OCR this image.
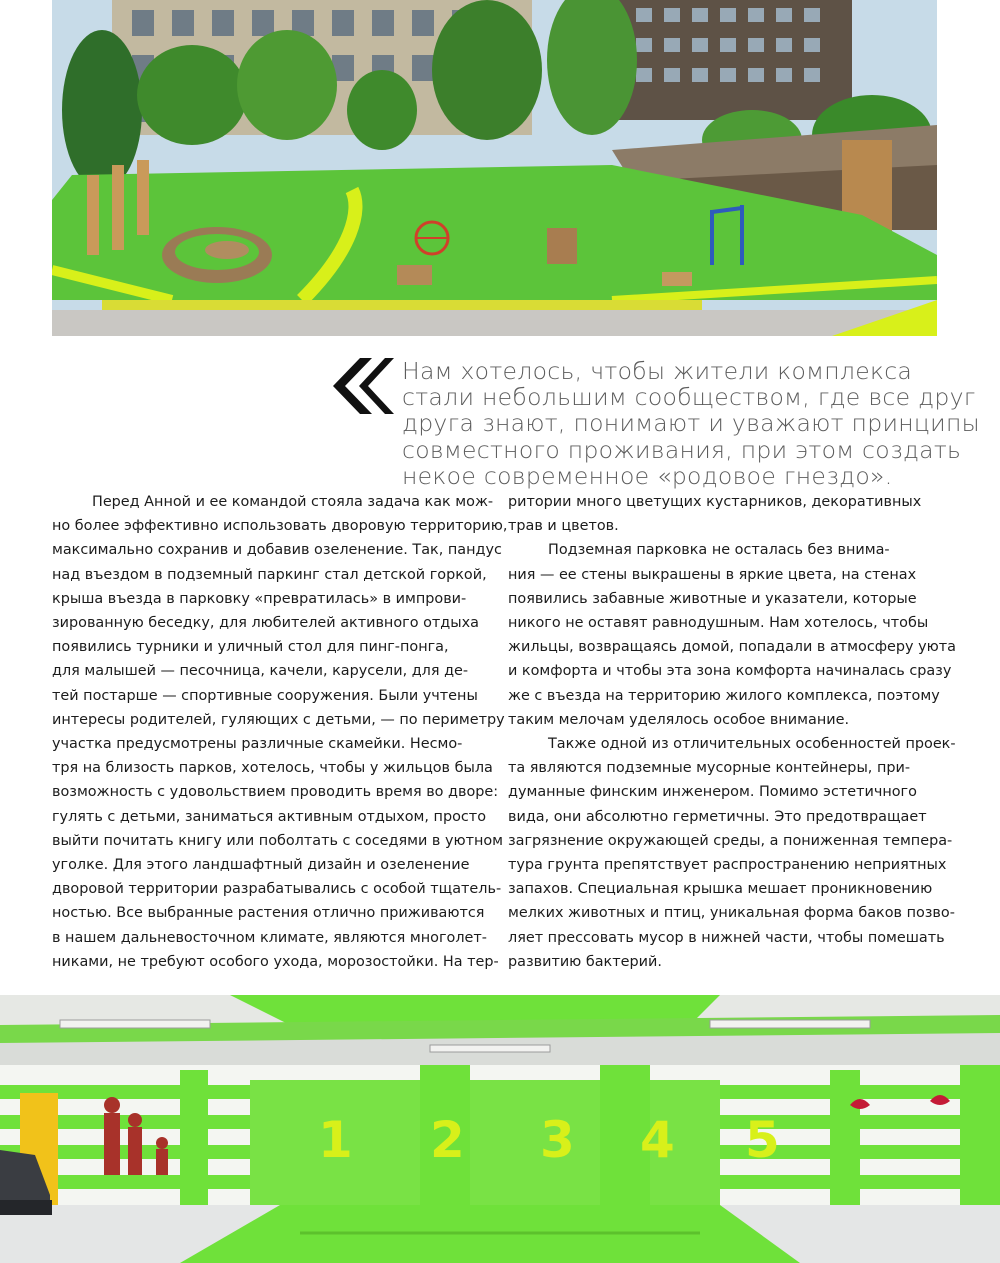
Нам хотелось, чтобы жители комплекса
стали небольшим сообществом, где все друг
друга знают, понимают и уважают принципы
совместного проживания, при этом создать
некое современное «родовое гнездо».
Перед Анной и ее командой стояла задача как мож-
но более эффективно использовать дворовую территорию,
максимально сохранив и добавив озеленение. Так, пандус
над въездом в подземный паркинг стал детской горкой,
крыша въезда в парковку «превратилась» в импрови-
зированную беседку, для любителей активного отдыха
появились турники и уличный стол для пинг-понга,
для малышей — песочница, качели, карусели, для де-
тей постарше — спортивные сооружения. Были учтены
интересы родителей, гуляющих с детьми, — по периметру
участка предусмотрены различные скамейки. Несмо-
тря на близость парков, хотелось, чтобы у жильцов была
возможность с удовольствием проводить время во дворе:
гулять с детьми, заниматься активным отдыхом, просто
выйти почитать книгу или поболтать с соседями в уютном
уголке. Для этого ландшафтный дизайн и озеленение
дворовой территории разрабатывались с особой тщатель-
ностью. Все выбранные растения отлично приживаются
в нашем дальневосточном климате, являются многолет-
никами, не требуют особого ухода, морозостойки. На тер-
ритории много цветущих кустарников, декоративных
трав и цветов.
Подземная парковка не осталась без внима-
ния — ее стены выкрашены в яркие цвета, на стенах
появились забавные животные и указатели, которые
никого не оставят равнодушным. Нам хотелось, чтобы
жильцы, возвращаясь домой, попадали в атмосферу уюта
и комфорта и чтобы эта зона комфорта начиналась сразу
же с въезда на территорию жилого комплекса, поэтому
таким мелочам уделялось особое внимание.
Также одной из отличительных особенностей проек-
та являются подземные мусорные контейнеры, при-
думанные финским инженером. Помимо эстетичного
вида, они абсолютно герметичны. Это предотвращает
загрязнение окружающей среды, а пониженная темпера-
тура грунта препятствует распространению неприятных
запахов. Специальная крышка мешает проникновению
мелких животных и птиц, уникальная форма баков позво-
ляет прессовать мусор в нижней части, чтобы помешать
развитию бактерий.
1 2 3 4 5
